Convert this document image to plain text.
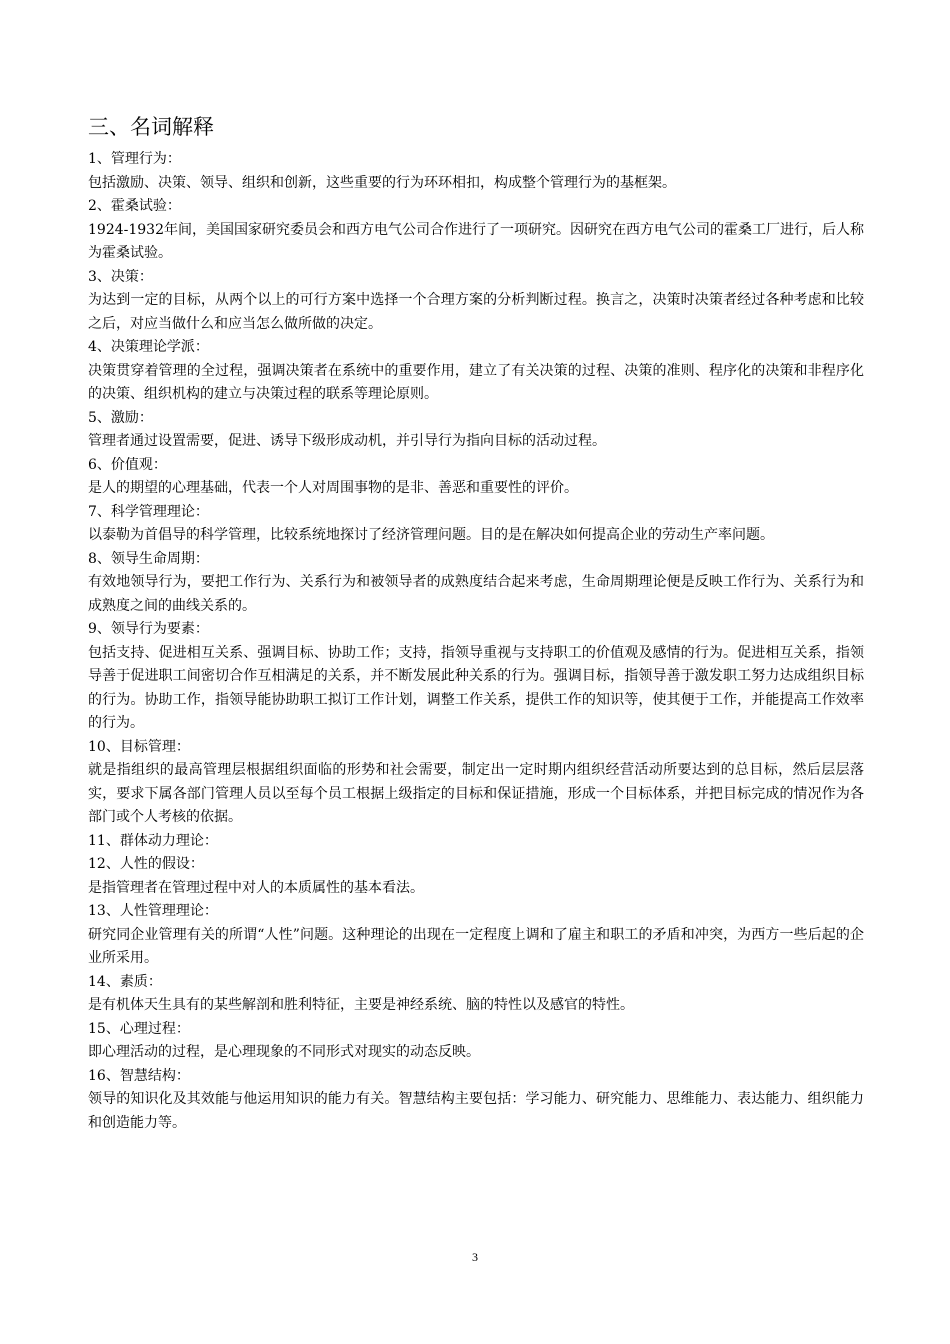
三、名词解释

1、管理行为：

包括激励、决策、领导、组织和创新，这些重要的行为环环相扣，构成整个管理行为的基框架。

2、霍桑试验：

1924-1932年间，美国国家研究委员会和西方电气公司合作进行了一项研究。因研究在西方电气公司的霍桑工厂进行，后人称为霍桑试验。

3、决策：

为达到一定的目标，从两个以上的可行方案中选择一个合理方案的分析判断过程。换言之，决策时决策者经过各种考虑和比较之后，对应当做什么和应当怎么做所做的决定。

4、决策理论学派：

决策贯穿着管理的全过程，强调决策者在系统中的重要作用，建立了有关决策的过程、决策的准则、程序化的决策和非程序化的决策、组织机构的建立与决策过程的联系等理论原则。

5、激励：

管理者通过设置需要，促进、诱导下级形成动机，并引导行为指向目标的活动过程。

6、价值观：

是人的期望的心理基础，代表一个人对周围事物的是非、善恶和重要性的评价。

7、科学管理理论：

以泰勒为首倡导的科学管理，比较系统地探讨了经济管理问题。目的是在解决如何提高企业的劳动生产率问题。

8、领导生命周期：

有效地领导行为，要把工作行为、关系行为和被领导者的成熟度结合起来考虑，生命周期理论便是反映工作行为、关系行为和成熟度之间的曲线关系的。

9、领导行为要素：

包括支持、促进相互关系、强调目标、协助工作；支持，指领导重视与支持职工的价值观及感情的行为。促进相互关系，指领导善于促进职工间密切合作互相满足的关系，并不断发展此种关系的行为。强调目标，指领导善于激发职工努力达成组织目标的行为。协助工作，指领导能协助职工拟订工作计划，调整工作关系，提供工作的知识等，使其便于工作，并能提高工作效率的行为。

10、目标管理：

就是指组织的最高管理层根据组织面临的形势和社会需要，制定出一定时期内组织经营活动所要达到的总目标，然后层层落实，要求下属各部门管理人员以至每个员工根据上级指定的目标和保证措施，形成一个目标体系，并把目标完成的情况作为各部门或个人考核的依据。

11、群体动力理论：

12、人性的假设：

是指管理者在管理过程中对人的本质属性的基本看法。

13、人性管理理论：

研究同企业管理有关的所谓“人性”问题。这种理论的出现在一定程度上调和了雇主和职工的矛盾和冲突，为西方一些后起的企业所采用。

14、素质：

是有机体天生具有的某些解剖和胜利特征，主要是神经系统、脑的特性以及感官的特性。

15、心理过程：

即心理活动的过程，是心理现象的不同形式对现实的动态反映。

16、智慧结构：

领导的知识化及其效能与他运用知识的能力有关。智慧结构主要包括：学习能力、研究能力、思维能力、表达能力、组织能力和创造能力等。

3
